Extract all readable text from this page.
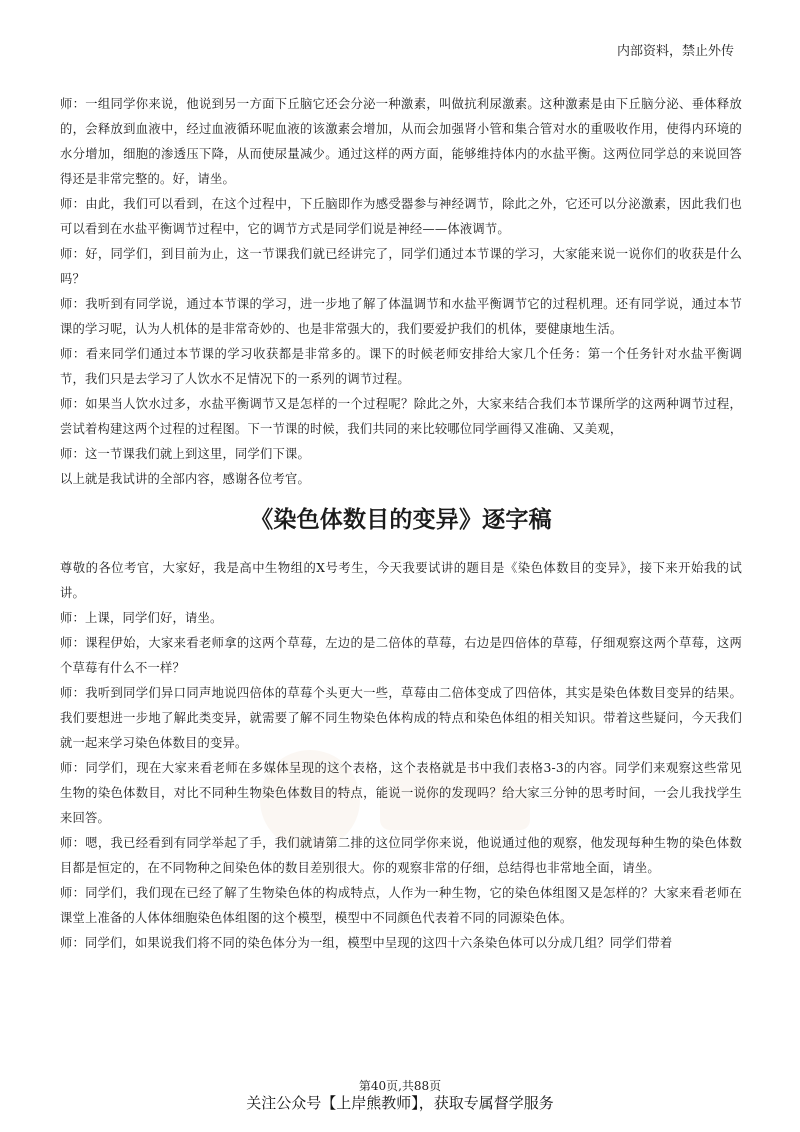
内部资料，禁止外传

师：一组同学你来说，他说到另一方面下丘脑它还会分泌一种激素，叫做抗利尿激素。这种激素是由下丘脑分泌、垂体释放的，会释放到血液中，经过血液循环呢血液的该激素会增加，从而会加强肾小管和集合管对水的重吸收作用，使得内环境的水分增加，细胞的渗透压下降，从而使尿量减少。通过这样的两方面，能够维持体内的水盐平衡。这两位同学总的来说回答得还是非常完整的。好，请坐。

师：由此，我们可以看到，在这个过程中，下丘脑即作为感受器参与神经调节，除此之外，它还可以分泌激素，因此我们也可以看到在水盐平衡调节过程中，它的调节方式是同学们说是神经——体液调节。

师：好，同学们，到目前为止，这一节课我们就已经讲完了，同学们通过本节课的学习，大家能来说一说你们的收获是什么吗？

师：我听到有同学说，通过本节课的学习，进一步地了解了体温调节和水盐平衡调节它的过程机理。还有同学说，通过本节课的学习呢，认为人机体的是非常奇妙的、也是非常强大的，我们要爱护我们的机体，要健康地生活。

师：看来同学们通过本节课的学习收获都是非常多的。课下的时候老师安排给大家几个任务：第一个任务针对水盐平衡调节，我们只是去学习了人饮水不足情况下的一系列的调节过程。

师：如果当人饮水过多，水盐平衡调节又是怎样的一个过程呢？除此之外，大家来结合我们本节课所学的这两种调节过程，尝试着构建这两个过程的过程图。下一节课的时候，我们共同的来比较哪位同学画得又准确、又美观，

师：这一节课我们就上到这里，同学们下课。

以上就是我试讲的全部内容，感谢各位考官。

《染色体数目的变异》逐字稿

尊敬的各位考官，大家好，我是高中生物组的X号考生，今天我要试讲的题目是《染色体数目的变异》，接下来开始我的试讲。

师：上课，同学们好，请坐。

师：课程伊始，大家来看老师拿的这两个草莓，左边的是二倍体的草莓，右边是四倍体的草莓，仔细观察这两个草莓，这两个草莓有什么不一样？

师：我听到同学们异口同声地说四倍体的草莓个头更大一些，草莓由二倍体变成了四倍体，其实是染色体数目变异的结果。我们要想进一步地了解此类变异，就需要了解不同生物染色体构成的特点和染色体组的相关知识。带着这些疑问，今天我们就一起来学习染色体数目的变异。

师：同学们，现在大家来看老师在多媒体呈现的这个表格，这个表格就是书中我们表格3-3的内容。同学们来观察这些常见生物的染色体数目，对比不同种生物染色体数目的特点，能说一说你的发现吗？给大家三分钟的思考时间，一会儿我找学生来回答。

师：嗯，我已经看到有同学举起了手，我们就请第二排的这位同学你来说，他说通过他的观察，他发现每种生物的染色体数目都是恒定的，在不同物种之间染色体的数目差别很大。你的观察非常的仔细，总结得也非常地全面，请坐。

师：同学们，我们现在已经了解了生物染色体的构成特点，人作为一种生物，它的染色体组图又是怎样的？大家来看老师在课堂上准备的人体体细胞染色体组图的这个模型，模型中不同颜色代表着不同的同源染色体。

师：同学们，如果说我们将不同的染色体分为一组，模型中呈现的这四十六条染色体可以分成几组？同学们带着

第40页,共88页
关注公众号【上岸熊教师】，获取专属督学服务
